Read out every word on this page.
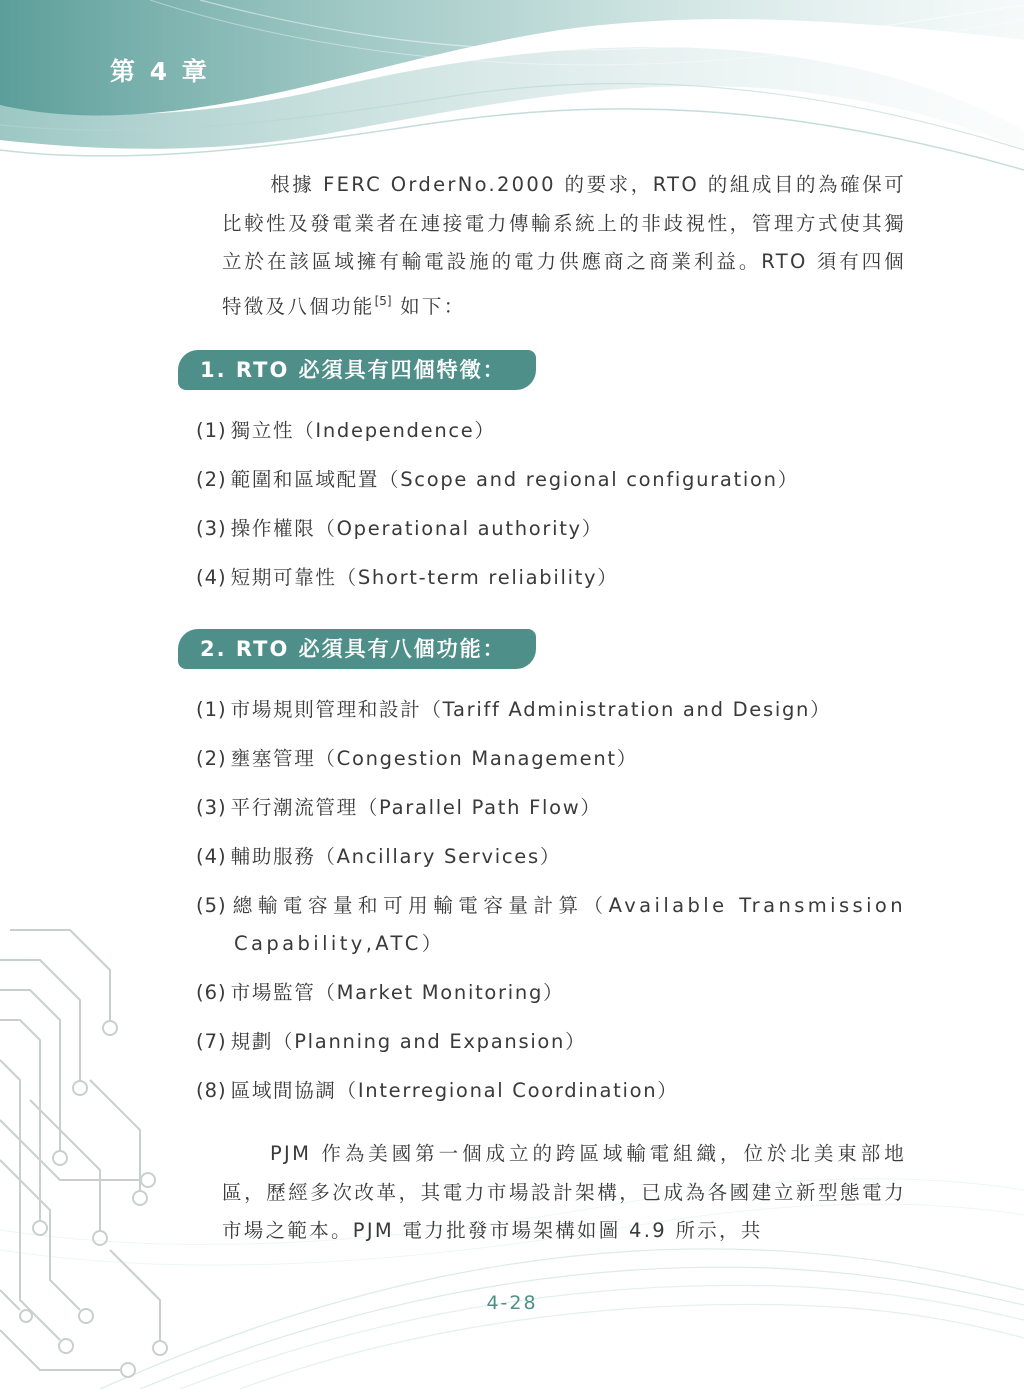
第 4 章

根據 FERC OrderNo.2000 的要求，RTO 的組成目的為確保可比較性及發電業者在連接電力傳輸系統上的非歧視性，管理方式使其獨立於在該區域擁有輸電設施的電力供應商之商業利益。RTO 須有四個特徵及八個功能[5] 如下：

1. RTO 必須具有四個特徵：
(1) 獨立性（Independence）
(2) 範圍和區域配置（Scope and regional configuration）
(3) 操作權限（Operational authority）
(4) 短期可靠性（Short-term reliability）
2. RTO 必須具有八個功能：
(1) 市場規則管理和設計（Tariff Administration and Design）
(2) 壅塞管理（Congestion Management）
(3) 平行潮流管理（Parallel Path Flow）
(4) 輔助服務（Ancillary Services）
(5) 總輸電容量和可用輸電容量計算（Available Transmission Capability,ATC）
(6) 市場監管（Market Monitoring）
(7) 規劃（Planning and Expansion）
(8) 區域間協調（Interregional Coordination）

PJM 作為美國第一個成立的跨區域輸電組織，位於北美東部地區，歷經多次改革，其電力市場設計架構，已成為各國建立新型態電力市場之範本。PJM 電力批發市場架構如圖 4.9 所示，共

4-28
